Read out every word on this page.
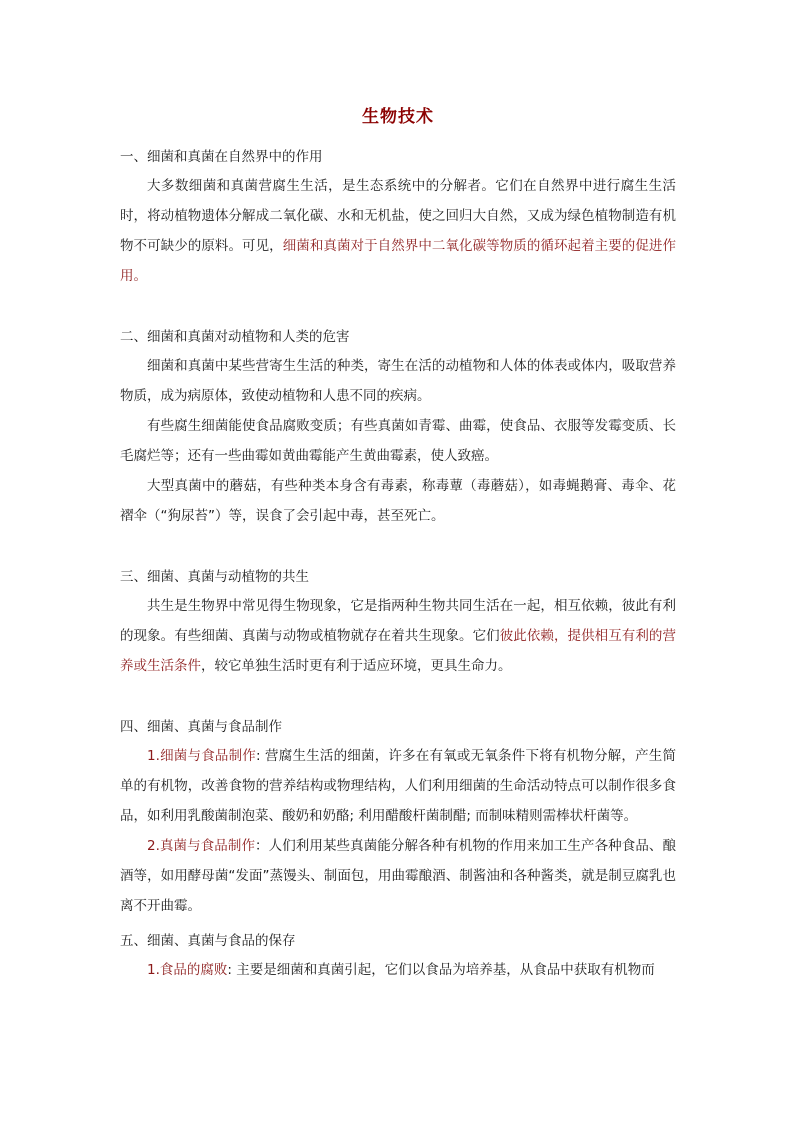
生物技术

一、细菌和真菌在自然界中的作用

大多数细菌和真菌营腐生生活，是生态系统中的分解者。它们在自然界中进行腐生生活时，将动植物遗体分解成二氧化碳、水和无机盐，使之回归大自然，又成为绿色植物制造有机物不可缺少的原料。可见，细菌和真菌对于自然界中二氧化碳等物质的循环起着主要的促进作用。

二、细菌和真菌对动植物和人类的危害

细菌和真菌中某些营寄生生活的种类，寄生在活的动植物和人体的体表或体内，吸取营养物质，成为病原体，致使动植物和人患不同的疾病。

有些腐生细菌能使食品腐败变质；有些真菌如青霉、曲霉，使食品、衣服等发霉变质、长毛腐烂等；还有一些曲霉如黄曲霉能产生黄曲霉素，使人致癌。

大型真菌中的蘑菇，有些种类本身含有毒素，称毒蕈（毒蘑菇），如毒蝇鹅膏、毒伞、花褶伞（“狗尿苔”）等，误食了会引起中毒，甚至死亡。

三、细菌、真菌与动植物的共生

共生是生物界中常见得生物现象，它是指两种生物共同生活在一起，相互依赖，彼此有利的现象。有些细菌、真菌与动物或植物就存在着共生现象。它们彼此依赖，提供相互有利的营养或生活条件，较它单独生活时更有利于适应环境，更具生命力。

四、细菌、真菌与食品制作

1.细菌与食品制作: 营腐生生活的细菌，许多在有氧或无氧条件下将有机物分解，产生简单的有机物，改善食物的营养结构或物理结构，人们利用细菌的生命活动特点可以制作很多食品，如利用乳酸菌制泡菜、酸奶和奶酪; 利用醋酸杆菌制醋; 而制味精则需棒状杆菌等。

2.真菌与食品制作：人们利用某些真菌能分解各种有机物的作用来加工生产各种食品、酿酒等，如用酵母菌“发面”蒸馒头、制面包，用曲霉酿酒、制酱油和各种酱类，就是制豆腐乳也离不开曲霉。

五、细菌、真菌与食品的保存

1.食品的腐败: 主要是细菌和真菌引起，它们以食品为培养基，从食品中获取有机物而
